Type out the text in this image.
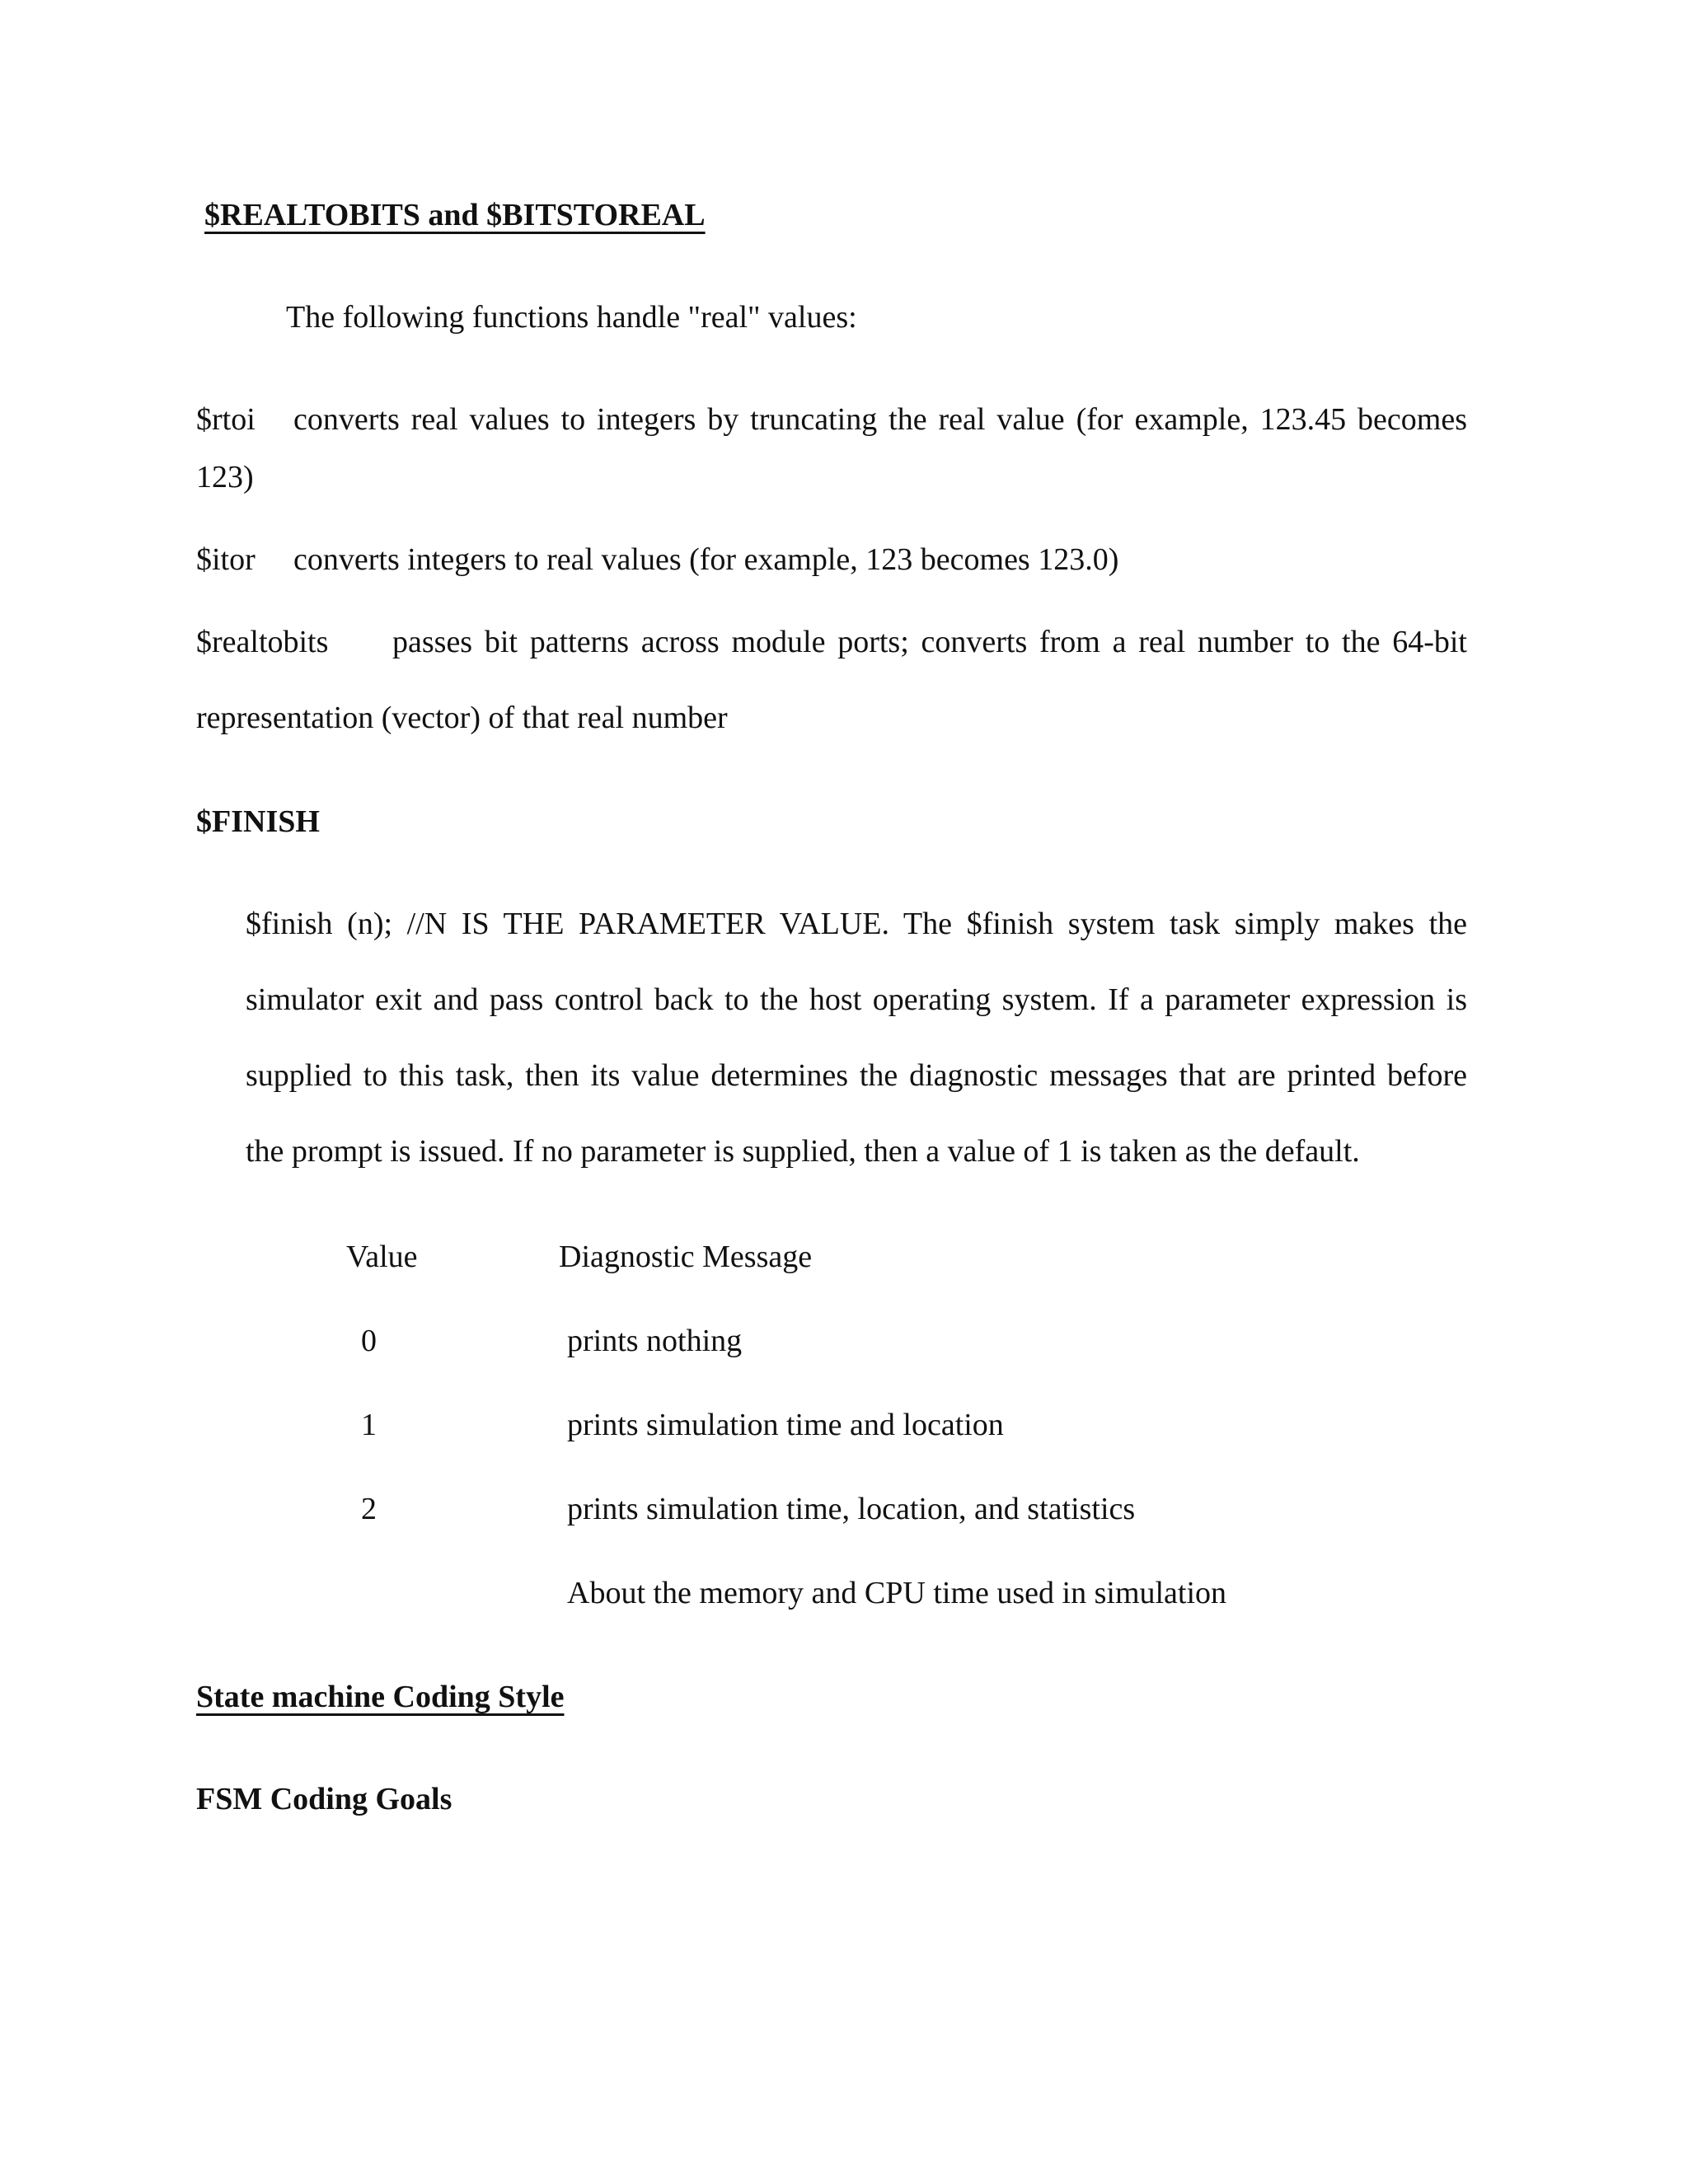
$REALTOBITS and $BITSTOREAL
The following functions handle "real" values:
$rtoi converts real values to integers by truncating the real value (for example, 123.45 becomes
123)
$itor converts integers to real values (for example, 123 becomes 123.0)
$realtobits passes bit patterns across module ports; converts from a real number to the 64-bit
representation (vector) of that real number
$FINISH
$finish (n); //N IS THE PARAMETER VALUE. The $finish system task simply makes the
simulator exit and pass control back to the host operating system. If a parameter expression is
supplied to this task, then its value determines the diagnostic messages that are printed before
the prompt is issued. If no parameter is supplied, then a value of 1 is taken as the default.
Value	Diagnostic Message
0	prints nothing
1	prints simulation time and location
2	prints simulation time, location, and statistics
About the memory and CPU time used in simulation
State machine Coding Style
FSM Coding Goals
